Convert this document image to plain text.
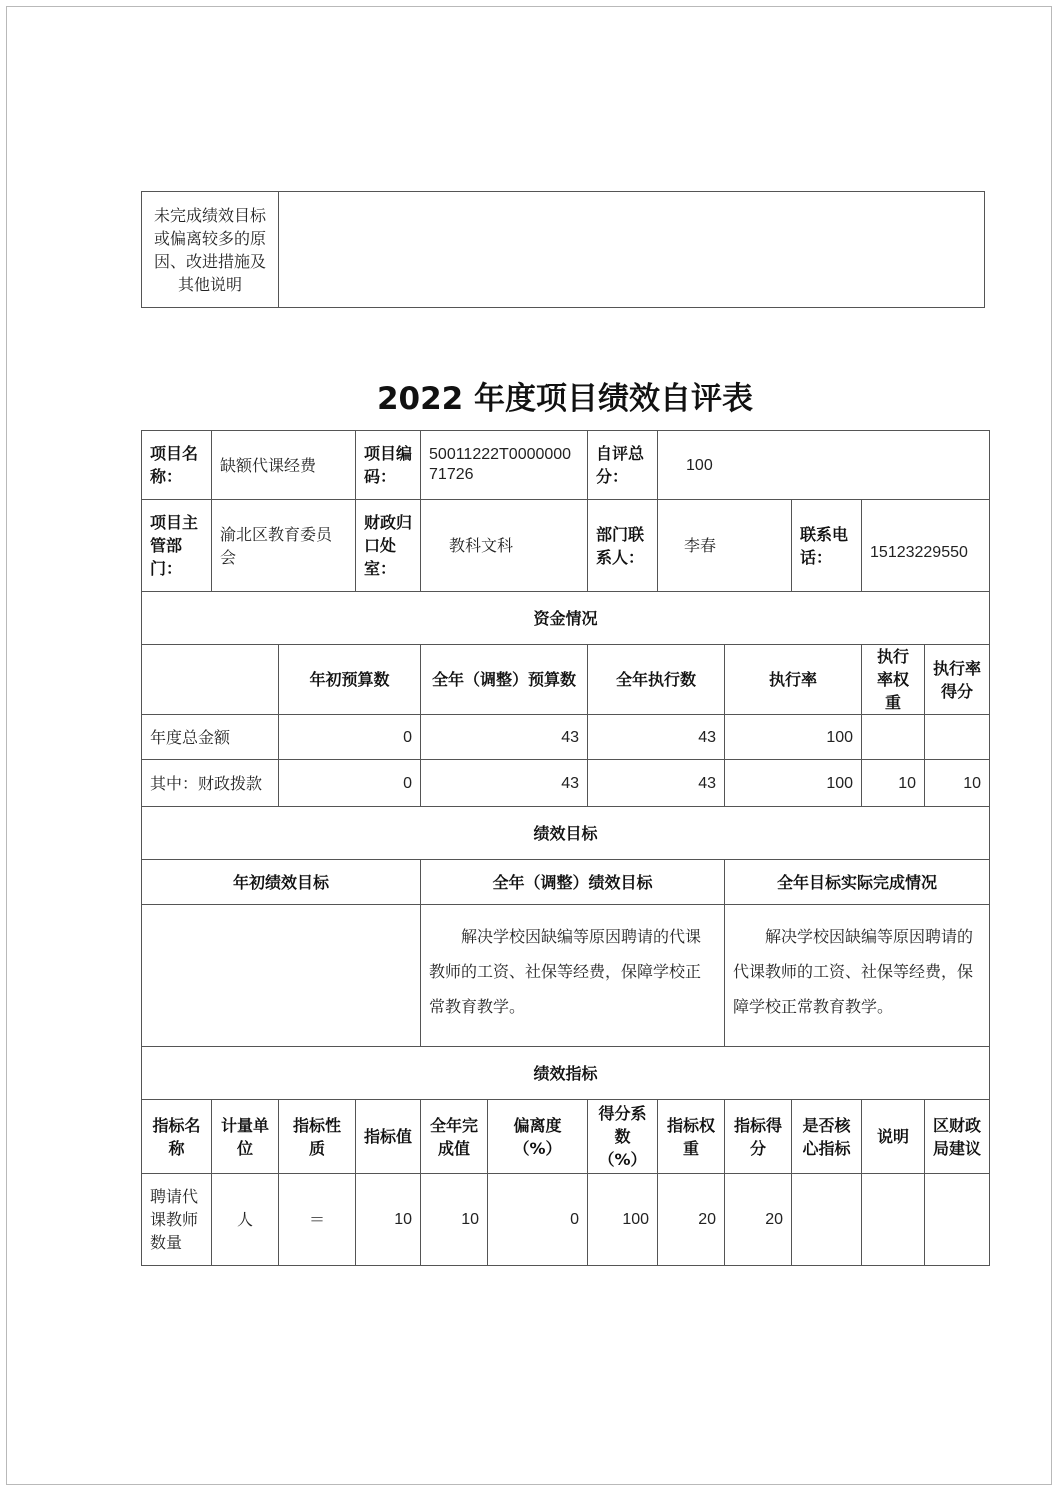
未完成绩效目标或偏离较多的原因、改进措施及其他说明	
2022 年度项目绩效自评表
项目名称：	缺额代课经费		项目编码：	50011222T000000071726		自评总分：	100				
项目主管部门：	渝北区教育委员会		财政归口处室：	教科文科		部门联系人：	李春		联系电话：	15123229550	
资金情况											
		年初预算数		全年（调整）预算数		全年执行数		执行率		执行率权重	执行率得分
年度总金额		0		43		43		100			
其中：财政拨款		0		43		43		100		10	10
绩效目标											
年初绩效目标				全年（调整）绩效目标				全年目标实际完成情况			
				解决学校因缺编等原因聘请的代课教师的工资、社保等经费，保障学校正常教育教学。				解决学校因缺编等原因聘请的代课教师的工资、社保等经费，保障学校正常教育教学。			
绩效指标											
指标名称	计量单位	指标性质	指标值	全年完成值	偏离度（%）	得分系数（%）	指标权重	指标得分	是否核心指标	说明	区财政局建议
聘请代课教师数量	人	＝	10	10	0	100	20	20			
